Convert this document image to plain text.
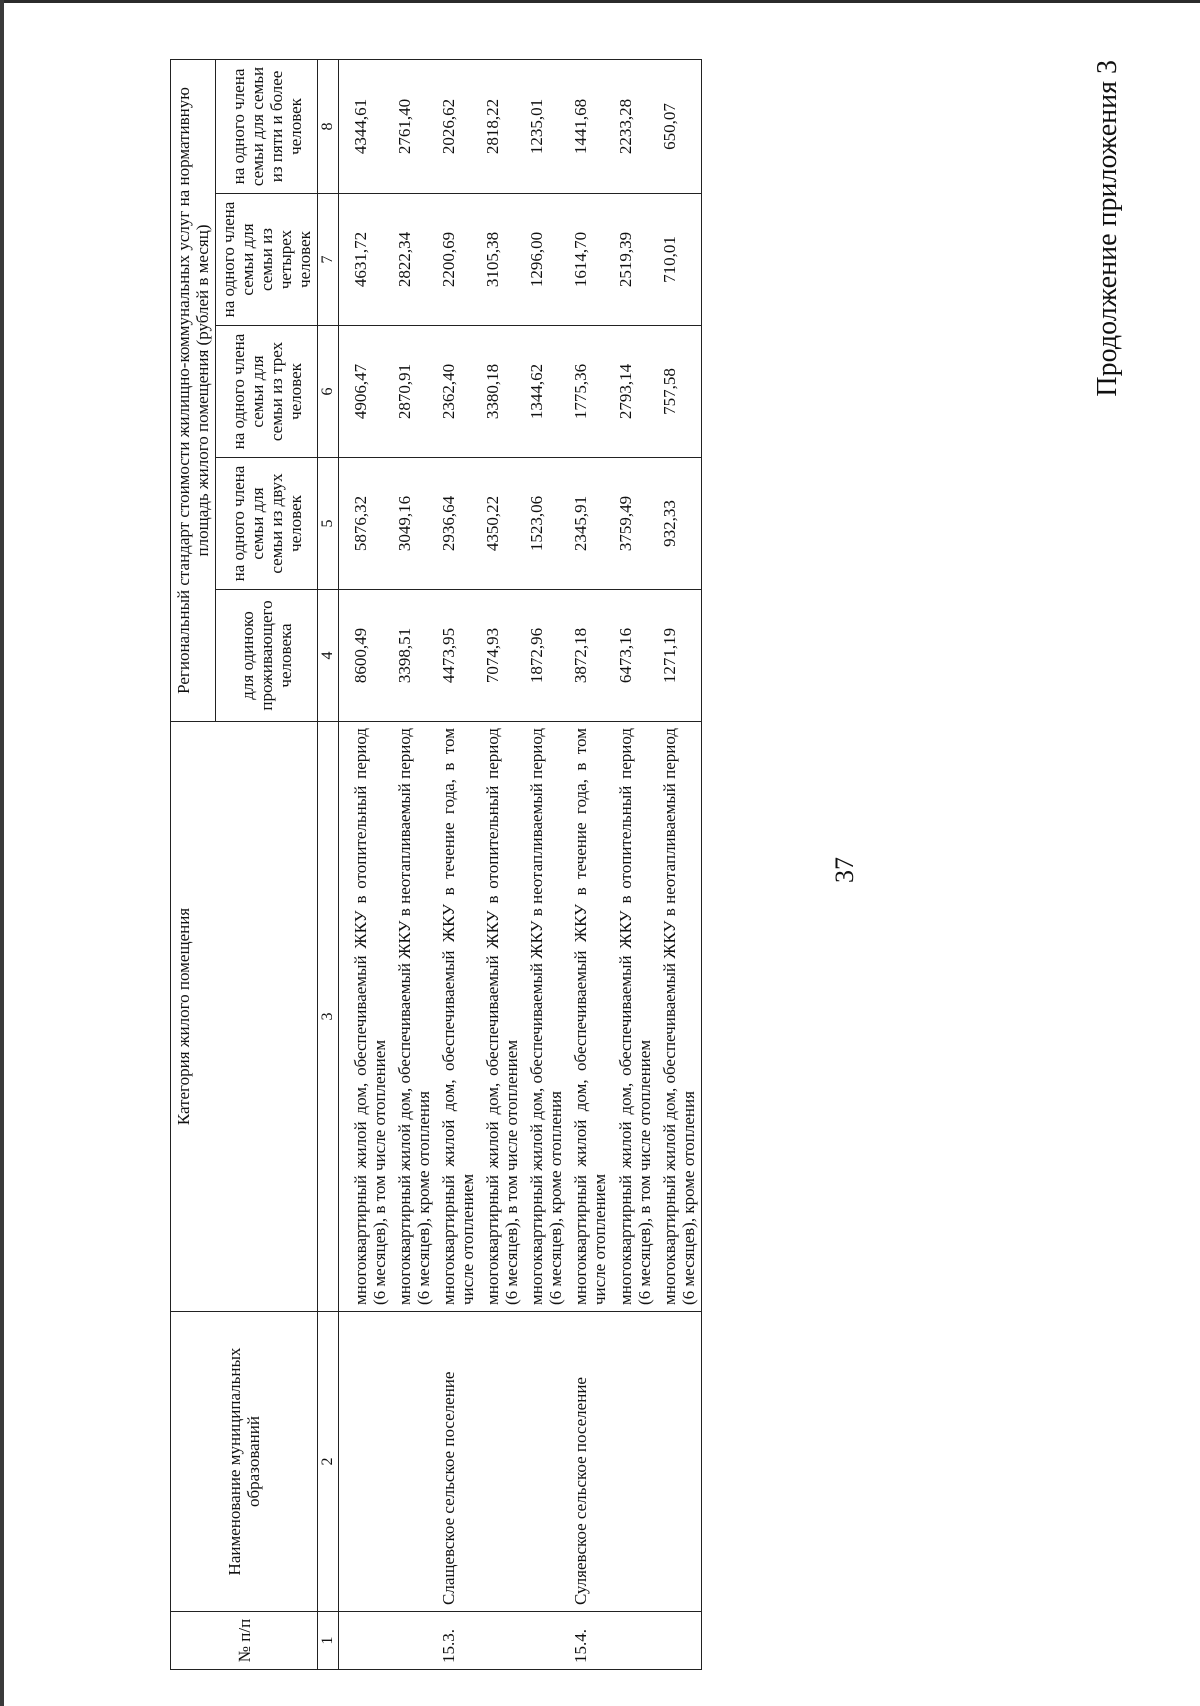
37
Продолжение приложения 3
№ п/п	Наименование муниципальных образований	Категория жилого помещения	Региональный стандарт стоимости жилищно-коммунальных услуг на нормативную площадь жилого помещения (рублей в месяц)				
			для одиноко проживающего человека	на одного члена семьи для семьи из двух человек	на одного члена семьи для семьи из трех человек	на одного члена семьи для семьи из четырех человек	на одного члена семьи для семьи из пяти и более человек
1	2	3	4	5	6	7	8
		многоквартирный жилой дом, обеспечиваемый ЖКУ в отопительный период (6 месяцев), в том числе отоплением	8600,49	5876,32	4906,47	4631,72	4344,61
		многоквартирный жилой дом, обеспечиваемый ЖКУ в неотапливаемый период (6 месяцев), кроме отопления	3398,51	3049,16	2870,91	2822,34	2761,40
15.3.	Слащевское сельское поселение	многоквартирный жилой дом, обеспечиваемый ЖКУ в течение года, в том числе отоплением	4473,95	2936,64	2362,40	2200,69	2026,62
		многоквартирный жилой дом, обеспечиваемый ЖКУ в отопительный период (6 месяцев), в том числе отоплением	7074,93	4350,22	3380,18	3105,38	2818,22
		многоквартирный жилой дом, обеспечиваемый ЖКУ в неотапливаемый период (6 месяцев), кроме отопления	1872,96	1523,06	1344,62	1296,00	1235,01
15.4.	Суляевское сельское поселение	многоквартирный жилой дом, обеспечиваемый ЖКУ в течение года, в том числе отоплением	3872,18	2345,91	1775,36	1614,70	1441,68
		многоквартирный жилой дом, обеспечиваемый ЖКУ в отопительный период (6 месяцев), в том числе отоплением	6473,16	3759,49	2793,14	2519,39	2233,28
		многоквартирный жилой дом, обеспечиваемый ЖКУ в неотапливаемый период (6 месяцев), кроме отопления	1271,19	932,33	757,58	710,01	650,07
